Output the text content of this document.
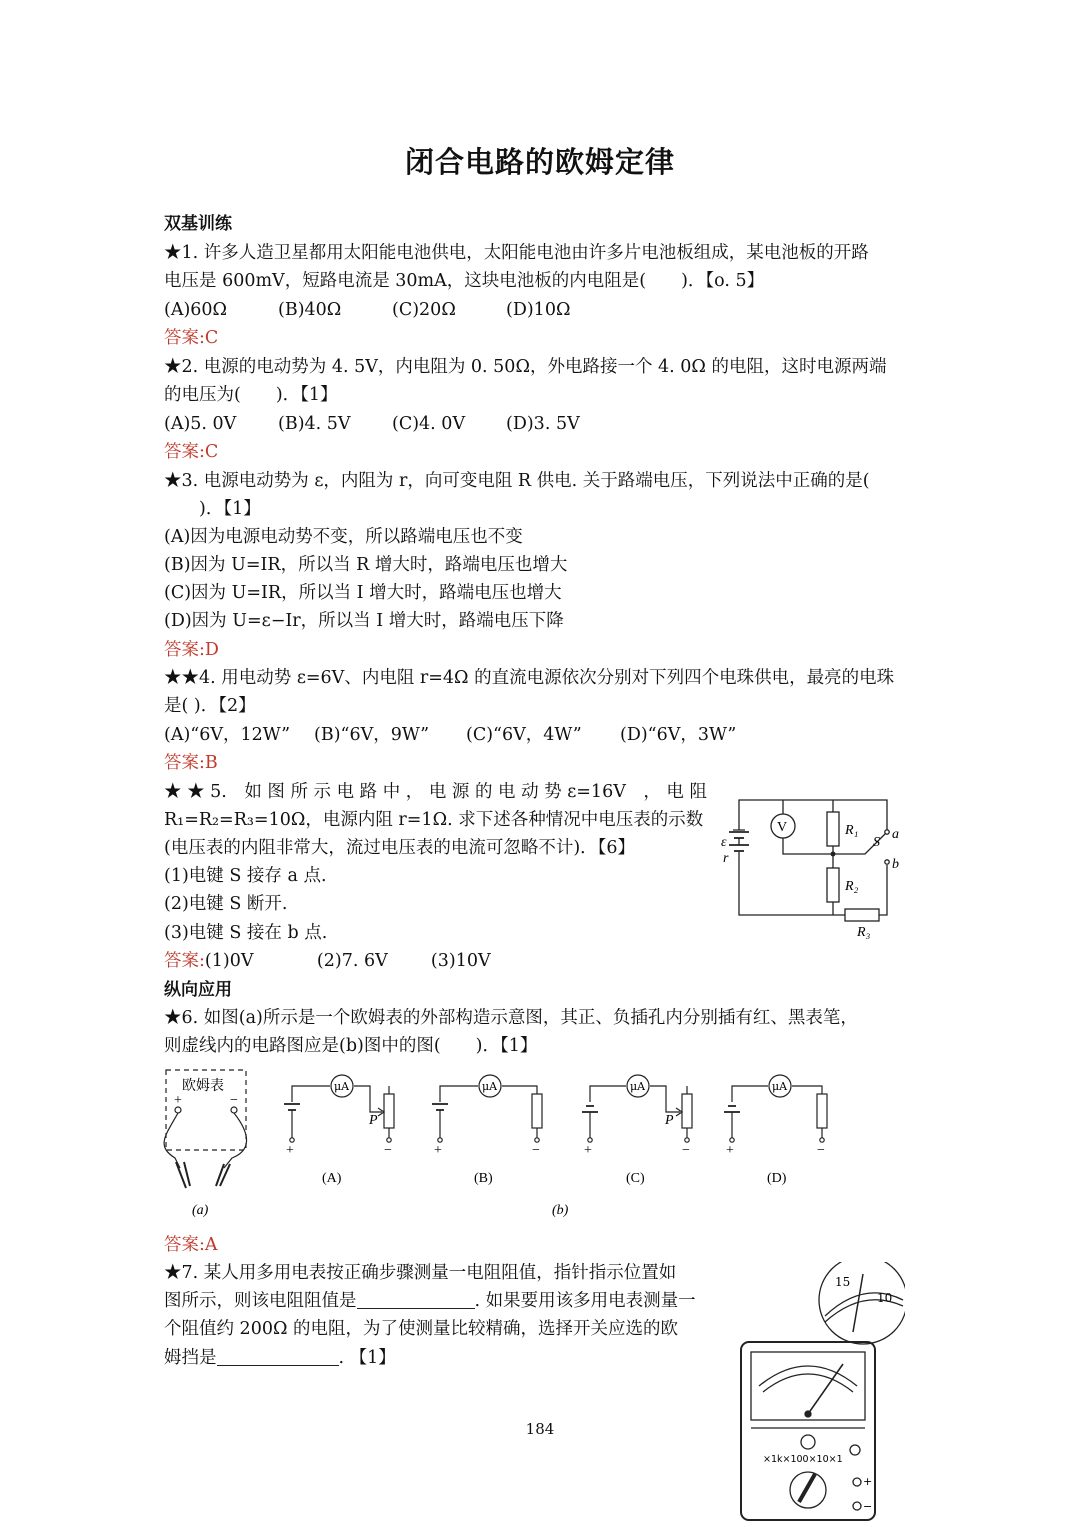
闭合电路的欧姆定律
双基训练
★1. 许多人造卫星都用太阳能电池供电，太阳能电池由许多片电池板组成，某电池板的开路
电压是 600mV，短路电流是 30mA，这块电池板的内电阻是(　　)．【o. 5】
(A)60Ω	(B)40Ω	(C)20Ω	(D)10Ω
答案:C
★2. 电源的电动势为 4. 5V，内电阻为 0. 50Ω，外电路接一个 4. 0Ω 的电阻，这时电源两端
的电压为(　　)．【1】
(A)5. 0V (B)4. 5V (C)4. 0V (D)3. 5V
答案:C
★3. 电源电动势为 ε，内阻为 r，向可变电阻 R 供电. 关于路端电压，下列说法中正确的是(
　　)．【1】
(A)因为电源电动势不变，所以路端电压也不变
(B)因为 U=IR，所以当 R 增大时，路端电压也增大
(C)因为 U=IR，所以当 I 增大时，路端电压也增大
(D)因为 U=ε−Ir，所以当 I 增大时，路端电压下降
答案:D
★★4. 用电动势 ε=6V、内电阻 r=4Ω 的直流电源依次分别对下列四个电珠供电，最亮的电珠
是( )．【2】
(A)“6V，12W” (B)“6V，9W” (C)“6V，4W” (D)“6V，3W”
答案:B
★ ★ 5.　如 图 所 示 电 路 中 ， 电 源 的 电 动 势 ε=16V　， 电 阻
R₁=R₂=R₃=10Ω，电源内阻 r=1Ω. 求下述各种情况中电压表的示数
(电压表的内阻非常大，流过电压表的电流可忽略不计)．【6】
(1)电键 S 接存 a 点.
(2)电键 S 断开.
(3)电键 S 接在 b 点.
答案:(1)0V	(2)7. 6V (3)10V
ε
r
V	R₁
R₂
R₃
S
a
b
纵向应用
★6. 如图(a)所示是一个欧姆表的外部构造示意图，其正、负插孔内分别插有红、黑表笔，
则虚线内的电路图应是(b)图中的图(　　)．【1】
欧姆表
+	−
μA	μA	μA	μA
P	P
+	−	+	−	+	−	+	−
(A)	(B)	(C)	(D)
(a)	(b)
答案:A
★7. 某人用多用电表按正确步骤测量一电阻阻值，指针指示位置如
图所示，则该电阻阻值是	. 如果要用该多用电表测量一
个阻值约 200Ω 的电阻，为了使测量比较精确，选择开关应选的欧
姆挡是	. 【1】
15
10
×1k×100×10×1
+
−
184
